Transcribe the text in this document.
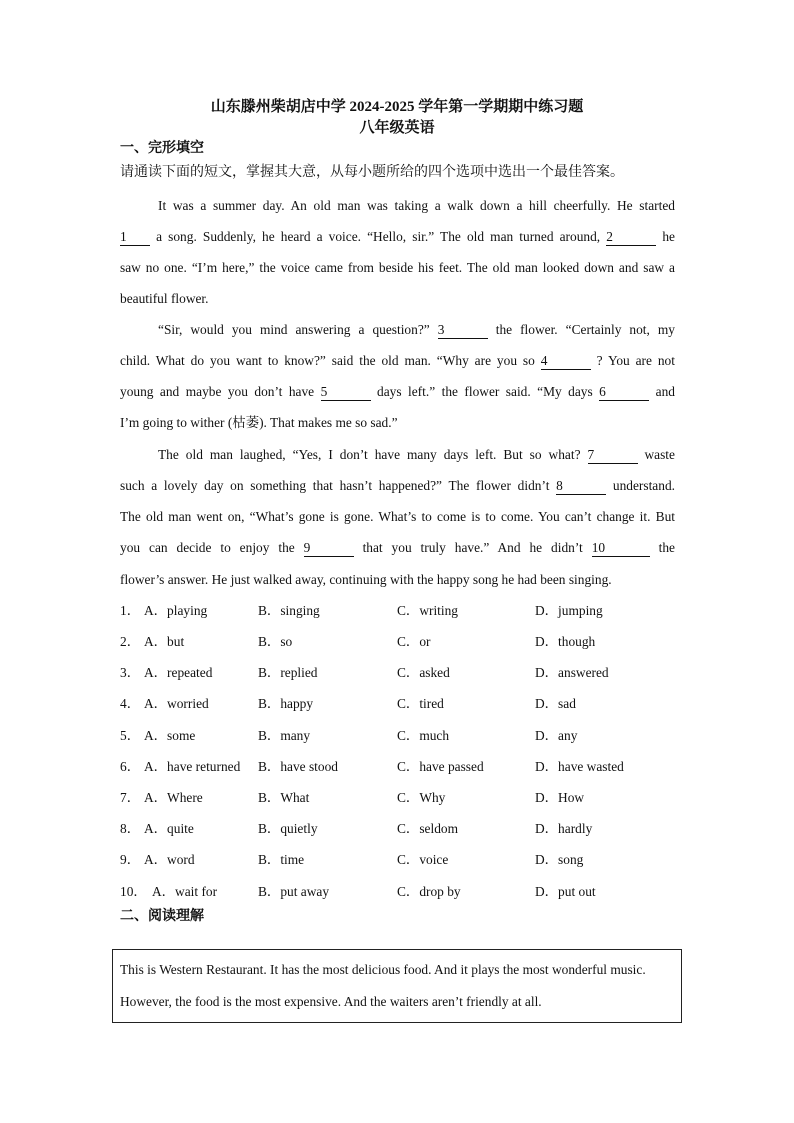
山东滕州柴胡店中学 2024-2025 学年第一学期期中练习题
八年级英语
一、完形填空
请通读下面的短文，掌握其大意，从每小题所给的四个选项中选出一个最佳答案。
It was a summer day. An old man was taking a walk down a hill cheerfully. He started
1 a song. Suddenly, he heard a voice. “Hello, sir.” The old man turned around, 2	he
saw no one. “I’m here,” the voice came from beside his feet. The old man looked down and saw a
beautiful flower.
“Sir, would you mind answering a question?” 3	the flower. “Certainly not, my
child. What do you want to know?” said the old man. “Why are you so 4	? You are not
young and maybe you don’t have 5	days left.” the flower said. “My days 6	and
I’m going to wither (枯萎). That makes me so sad.”
The old man laughed, “Yes, I don’t have many days left. But so what? 7	waste
such a lovely day on something that hasn’t happened?” The flower didn’t 8	understand.
The old man went on, “What’s gone is gone. What’s to come is to come. You can’t change it. But
you can decide to enjoy the 9	that you truly have.” And he didn’t 10	the
flower’s answer. He just walked away, continuing with the happy song he had been singing.
1． A．playing	B．singing	C．writing	D．jumping
2． A．but	B．so	C．or	D．though
3． A．repeated	B．replied	C．asked	D．answered
4． A．worried	B．happy	C．tired	D．sad
5． A．some	B．many	C．much	D．any
6． A．have returned B．have stood	C．have passed	D．have wasted
7． A．Where	B．What	C．Why	D．How
8． A．quite	B．quietly	C．seldom	D．hardly
9． A．word	B．time	C．voice	D．song
10． A．wait for	B．put away	C．drop by	D．put out
二、阅读理解
This is Western Restaurant. It has the most delicious food. And it plays the most wonderful music.
However, the food is the most expensive. And the waiters aren’t friendly at all.
